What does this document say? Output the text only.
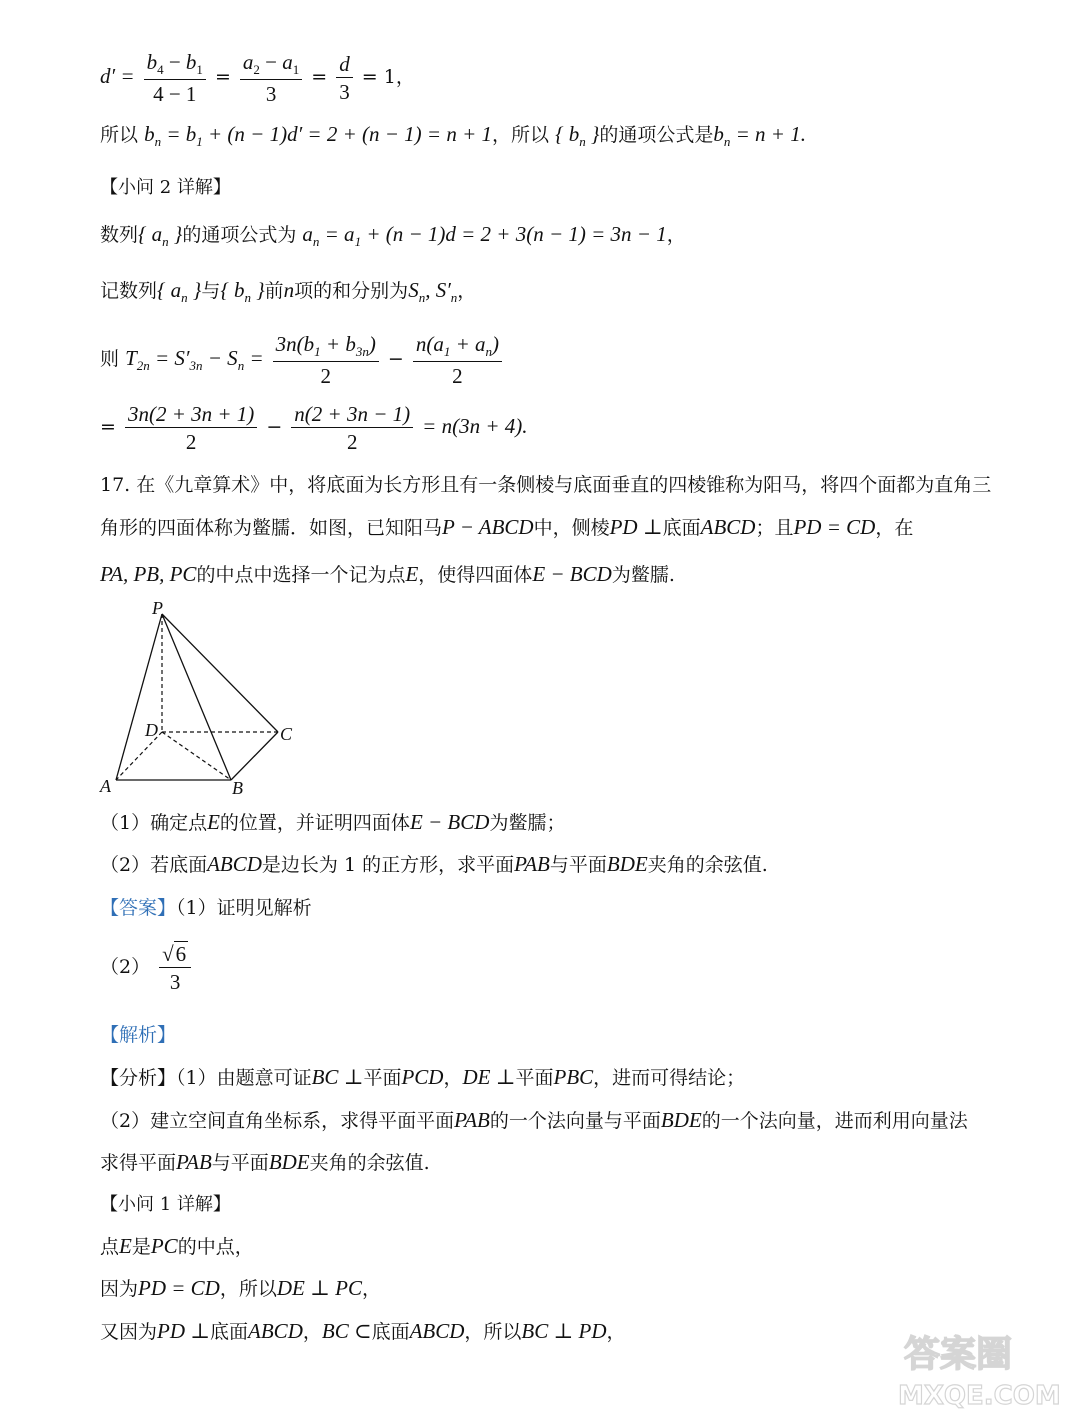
$d' = \frac{b_4 - b_1}{4 - 1} = \frac{a_2 - a_1}{3} = \frac{d}{3} = 1$，
所以 $b_n = b_1 + (n - 1)d' = 2 + (n - 1) = n + 1$，所以 { $b_n$ }的通项公式是$b_n = n + 1$.
【小问 2 详解】
数列{ $a_n$ }的通项公式为 $a_n = a_1 + (n - 1)d = 2 + 3(n - 1) = 3n - 1$，
记数列{ $a_n$ }与{ $b_n$ }前n项的和分别为$S_n$, $S'_n$，
则 $T_{2n} = S'_{3n} - S_n = \frac{3n(b_1 + b_{3n})}{2} - \frac{n(a_1 + a_n)}{2}$
= $\frac{3n(2 + 3n + 1)}{2} - \frac{n(2 + 3n - 1)}{2} = n(3n + 4)$.
17. 在《九章算术》中，将底面为长方形且有一条侧棱与底面垂直的四棱锥称为阳马，将四个面都为直角三
角形的四面体称为鳖臑．如图，已知阳马P − ABCD中，侧棱PD ⊥底面ABCD；且PD = CD，在
PA, PB, PC的中点中选择一个记为点E，使得四面体E − BCD为鳖臑.
P
D	C
A	B
（1）确定点E的位置，并证明四面体E − BCD为鳖臑；
（2）若底面ABCD是边长为 1 的正方形，求平面PAB与平面BDE夹角的余弦值.
【答案】（1）证明见解析
$(2) \frac{√6}{3}$
【解析】
【分析】（1）由题意可证BC ⊥平面PCD，DE ⊥平面PBC，进而可得结论；
（2）建立空间直角坐标系，求得平面平面PAB的一个法向量与平面BDE的一个法向量，进而利用向量法
求得平面PAB与平面BDE夹角的余弦值.
【小问 1 详解】
点E是PC的中点，
因为PD = CD，所以DE ⊥ PC，
又因为PD ⊥底面ABCD，BC ⊂底面ABCD，所以BC ⊥ PD，
答案圈
MXQE.COM
